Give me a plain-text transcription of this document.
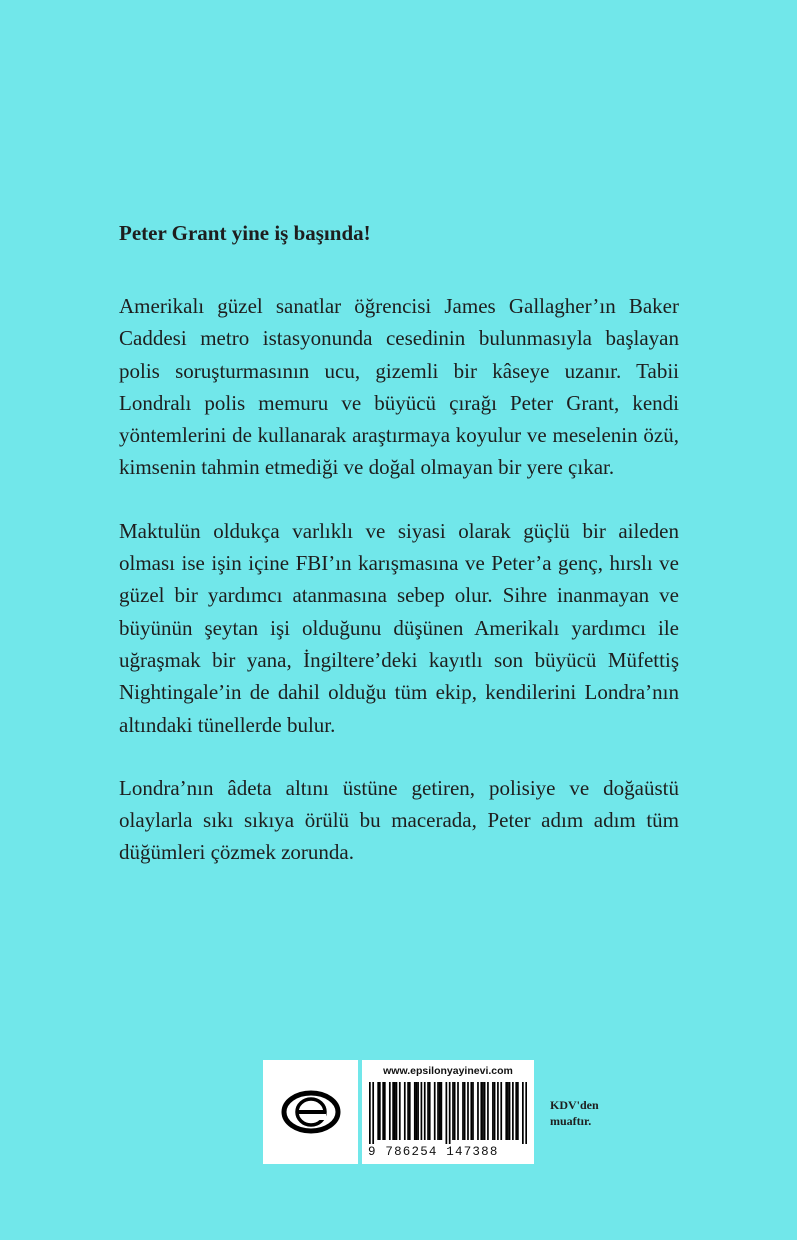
Peter Grant yine iş başında!

Amerikalı güzel sanatlar öğrencisi James Gallagher’ın Baker Caddesi metro istasyonunda cesedinin bulunmasıyla başlayan polis soruşturmasının ucu, gizemli bir kâseye uzanır. Tabii Londralı polis memuru ve büyücü çırağı Peter Grant, kendi yöntemlerini de kullanarak araştırmaya koyulur ve meselenin özü, kimsenin tahmin etmediği ve doğal olmayan bir yere çıkar.

Maktulün oldukça varlıklı ve siyasi olarak güçlü bir aileden olması ise işin içine FBI’ın karışmasına ve Peter’a genç, hırslı ve güzel bir yardımcı atanmasına sebep olur. Sihre inanmayan ve büyünün şeytan işi olduğunu düşünen Amerikalı yardımcı ile uğraşmak bir yana, İngiltere’deki kayıtlı son büyücü Müfettiş Nightingale’in de dahil olduğu tüm ekip, kendilerini Londra’nın altındaki tünellerde bulur.

Londra’nın âdeta altını üstüne getiren, polisiye ve doğaüstü olaylarla sıkı sıkıya örülü bu macerada, Peter adım adım tüm düğümleri çözmek zorunda.

www.epsilonyayinevi.com
9 786254 147388
KDV'den
muaftır.
